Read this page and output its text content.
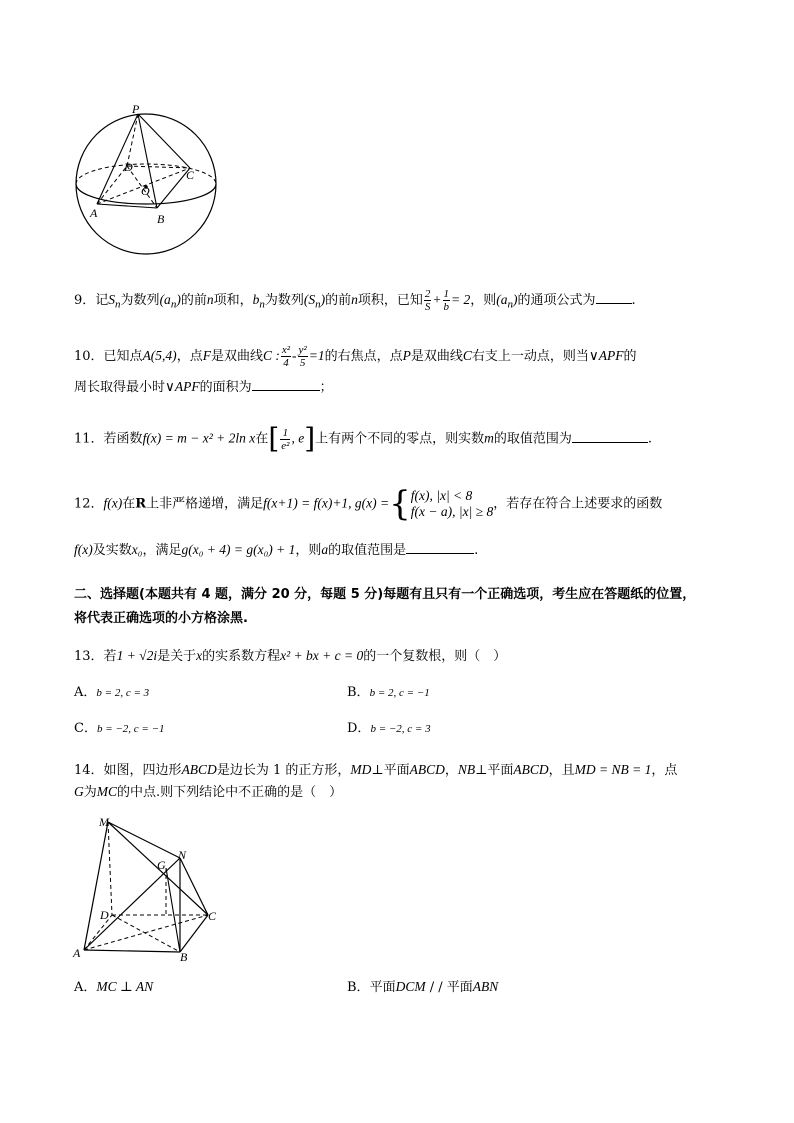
P
D
C
O
A	B
9．记$S_n$为数列$(a_n)$的前n项和，$b_n$为数列$(S_n)$的前n项积，已知 $\frac{2}{S} + \frac{1}{b} = 2$，则$(a_n)$的通项公式为	.
10．已知点A(5,4)，点F是双曲线C : $\frac{\text{x²}}{4} - \frac{\text{y²}}{5} =1$的右焦点，点P是双曲线C右支上一动点，则当∨APF的
周长取得最小时∨APF的面积为	；
11．若函数f(x) = m − x² + 2ln x在[ $\frac{1}{\text{e²}}$ , e]上有两个不同的零点，则实数m的取值范围为	.
12．f(x)在R上非严格递增，满足f(x+1) = f(x)+1, g(x) ={ f(x), |x| < 8
f(x − a), |x| ≥ 8 ，若存在符合上述要求的函数
f(x)及实数x₀，满足g(x₀ + 4) = g(x₀) + 1，则a的取值范围是	.
二、选择题(本题共有 4 题，满分 20 分，每题 5 分)每题有且只有一个正确选项，考生应在答题纸的位置，
将代表正确选项的小方格涂黑.
13．若1 + √2i是关于x的实系数方程x² + bx + c = 0的一个复数根，则（　）
A．b = 2, c = 3	B．b = 2, c = −1
C．b = −2, c = −1	D．b = −2, c = 3
14．如图，四边形ABCD是边长为 1 的正方形，MD⊥平面ABCD，NB⊥平面ABCD，且MD = NB = 1，点
G为MC的中点.则下列结论中不正确的是（　）
M
N
G
D	C
A	B
A．MC ⊥ AN	B．平面DCM / / 平面ABN
